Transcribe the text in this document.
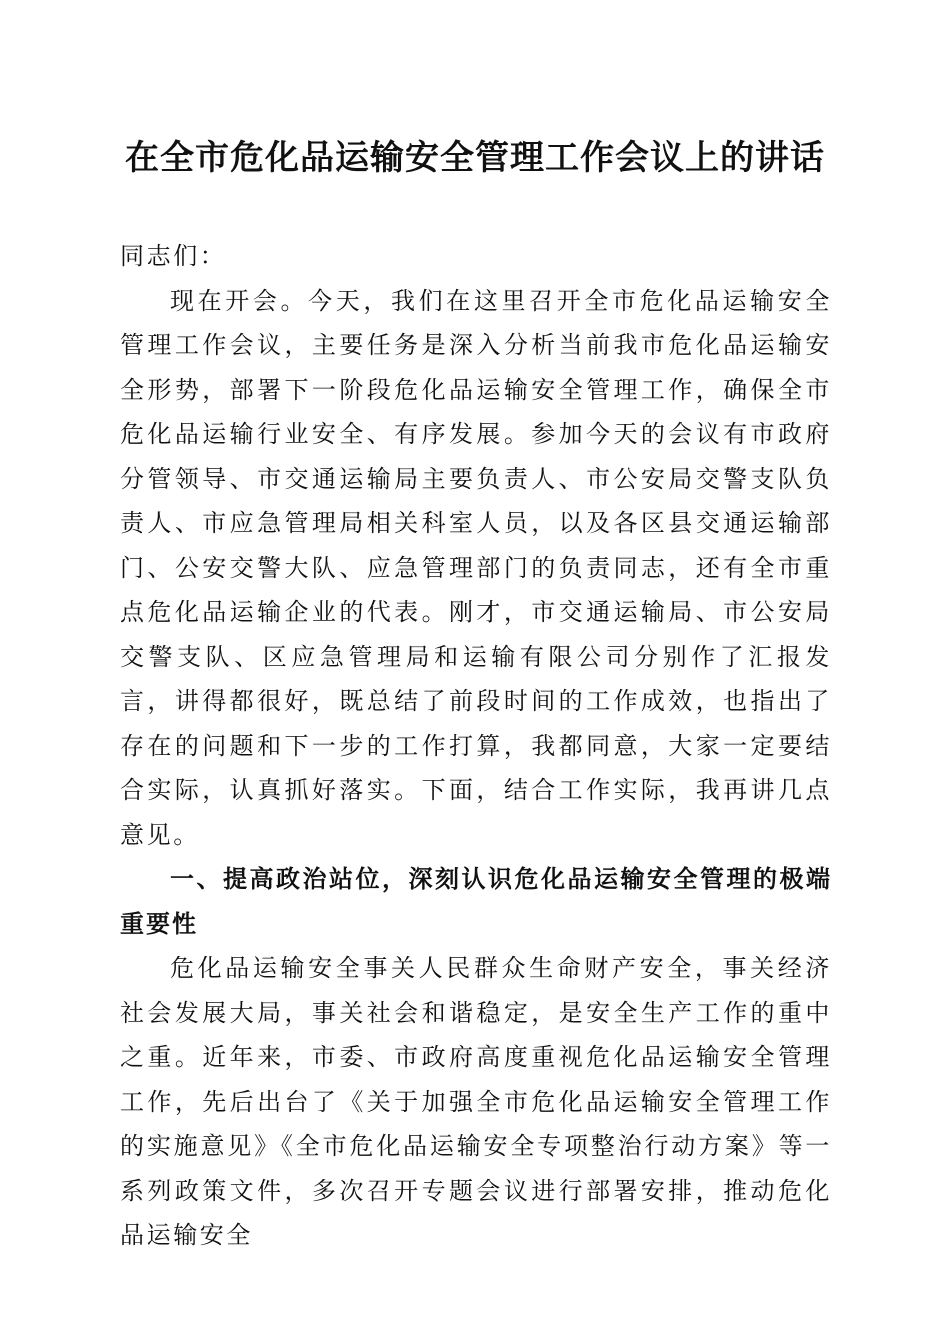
在全市危化品运输安全管理工作会议上的讲话

同志们：

现在开会。今天，我们在这里召开全市危化品运输安全管理工作会议，主要任务是深入分析当前我市危化品运输安全形势，部署下一阶段危化品运输安全管理工作，确保全市危化品运输行业安全、有序发展。参加今天的会议有市政府分管领导、市交通运输局主要负责人、市公安局交警支队负责人、市应急管理局相关科室人员，以及各区县交通运输部门、公安交警大队、应急管理部门的负责同志，还有全市重点危化品运输企业的代表。刚才，市交通运输局、市公安局交警支队、区应急管理局和运输有限公司分别作了汇报发言，讲得都很好，既总结了前段时间的工作成效，也指出了存在的问题和下一步的工作打算，我都同意，大家一定要结合实际，认真抓好落实。下面，结合工作实际，我再讲几点意见。

一、提高政治站位，深刻认识危化品运输安全管理的极端重要性

危化品运输安全事关人民群众生命财产安全，事关经济社会发展大局，事关社会和谐稳定，是安全生产工作的重中之重。近年来，市委、市政府高度重视危化品运输安全管理工作，先后出台了《关于加强全市危化品运输安全管理工作的实施意见》《全市危化品运输安全专项整治行动方案》等一系列政策文件，多次召开专题会议进行部署安排，推动危化品运输安全
